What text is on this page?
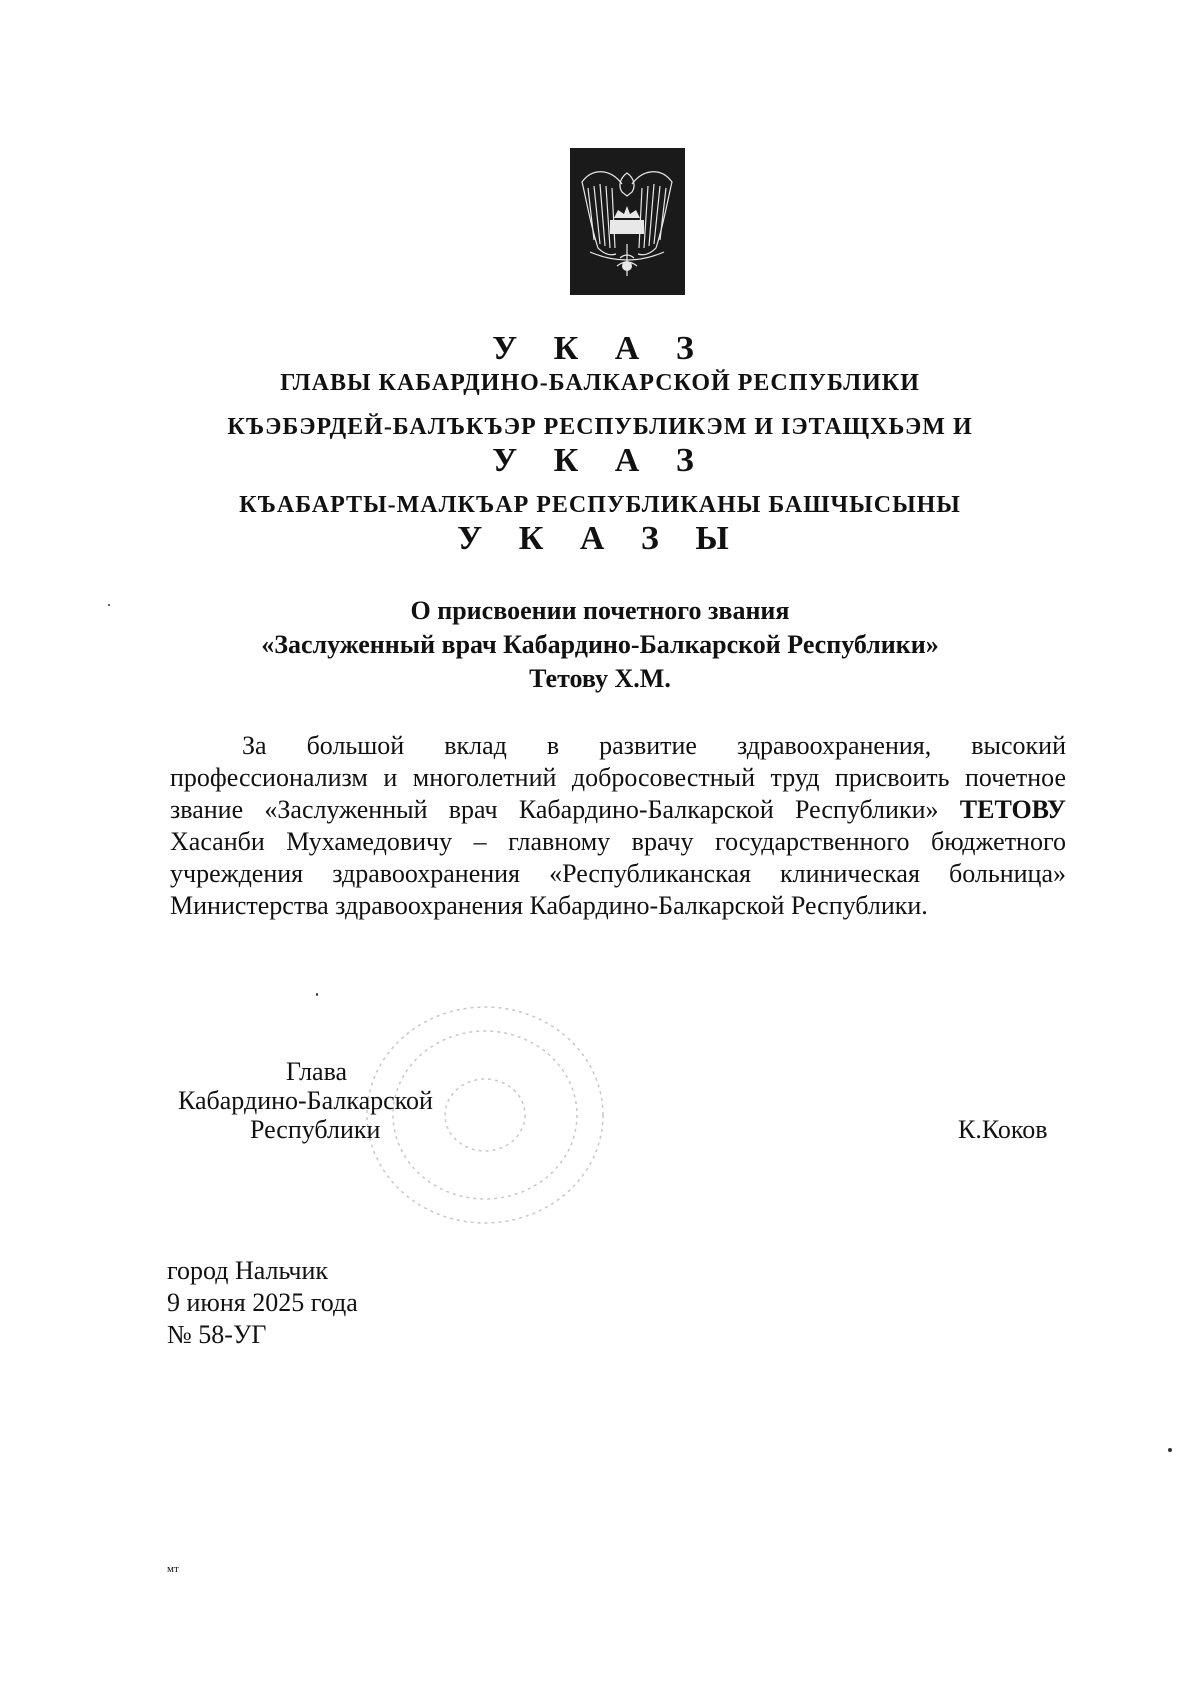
У К А З
ГЛАВЫ КАБАРДИНО-БАЛКАРСКОЙ РЕСПУБЛИКИ
КЪЭБЭРДЕЙ-БАЛЪКЪЭР РЕСПУБЛИКЭМ И ІЭТАЩХЬЭМ И
У К А З
КЪАБАРТЫ-МАЛКЪАР РЕСПУБЛИКАНЫ БАШЧЫСЫНЫ
У К А З Ы
О присвоении почетного звания
«Заслуженный врач Кабардино-Балкарской Республики»
Тетову Х.М.
За большой вклад в развитие здравоохранения, высокий профессионализм и многолетний добросовестный труд присвоить почетное звание «Заслуженный врач Кабардино-Балкарской Республики» ТЕТОВУ Хасанби Мухамедовичу – главному врачу государственного бюджетного учреждения здравоохранения «Республиканская клиническая больница» Министерства здравоохранения Кабардино-Балкарской Республики.
Глава
Кабардино-Балкарской
Республики	К.Коков
город Нальчик
9 июня 2025 года
№ 58-УГ
мт
